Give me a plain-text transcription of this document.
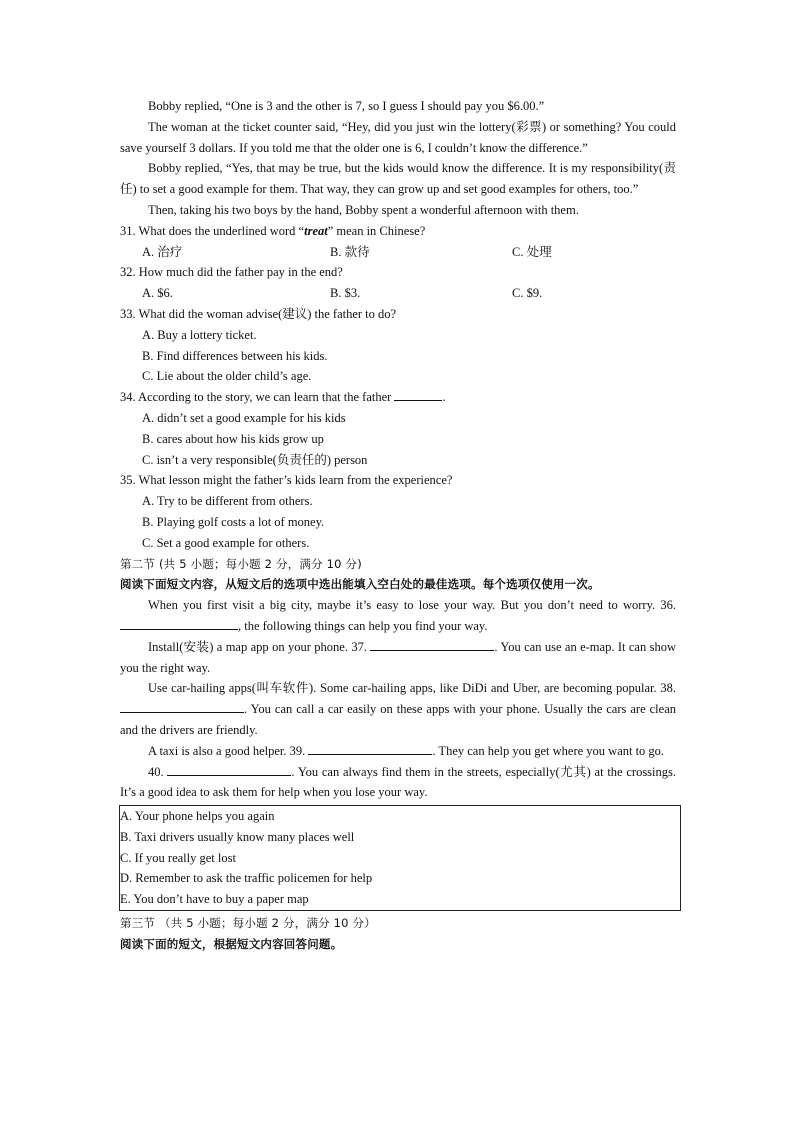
Bobby replied, “One is 3 and the other is 7, so I guess I should pay you $6.00.”

The woman at the ticket counter said, “Hey, did you just win the lottery(彩票) or something? You could save yourself 3 dollars. If you told me that the older one is 6, I couldn’t know the difference.”

Bobby replied, “Yes, that may be true, but the kids would know the difference. It is my responsibility(责任) to set a good example for them. That way, they can grow up and set good examples for others, too.”

Then, taking his two boys by the hand, Bobby spent a wonderful afternoon with them.

31. What does the underlined word “treat” mean in Chinese?

A. 治疗	B. 款待	C. 处理

32. How much did the father pay in the end?

A. $6.	B. $3.	C. $9.

33. What did the woman advise(建议) the father to do?

A. Buy a lottery ticket.

B. Find differences between his kids.

C. Lie about the older child’s age.

34. According to the story, we can learn that the father	.

A. didn’t set a good example for his kids

B. cares about how his kids grow up

C. isn’t a very responsible(负责任的) person

35. What lesson might the father’s kids learn from the experience?

A. Try to be different from others.

B. Playing golf costs a lot of money.

C. Set a good example for others.

第二节 (共 5 小题；每小题 2 分，满分 10 分)

阅读下面短文内容，从短文后的选项中选出能填入空白处的最佳选项。每个选项仅使用一次。

When you first visit a big city, maybe it’s easy to lose your way. But you don’t need to worry. 36. , the following things can help you find your way.

Install(安装) a map app on your phone. 37.	. You can use an e-map. It can show you the right way.

Use car-hailing apps(叫车软件). Some car-hailing apps, like DiDi and Uber, are becoming popular. 38. . You can call a car easily on these apps with your phone. Usually the cars are clean and the drivers are friendly.

A taxi is also a good helper. 39.	. They can help you get where you want to go.

40.	. You can always find them in the streets, especially(尤其) at the crossings. It’s a good idea to ask them for help when you lose your way.

A. Your phone helps you again

B. Taxi drivers usually know many places well

C. If you really get lost

D. Remember to ask the traffic policemen for help

E. You don’t have to buy a paper map

第三节 （共 5 小题；每小题 2 分，满分 10 分）

阅读下面的短文，根据短文内容回答问题。
